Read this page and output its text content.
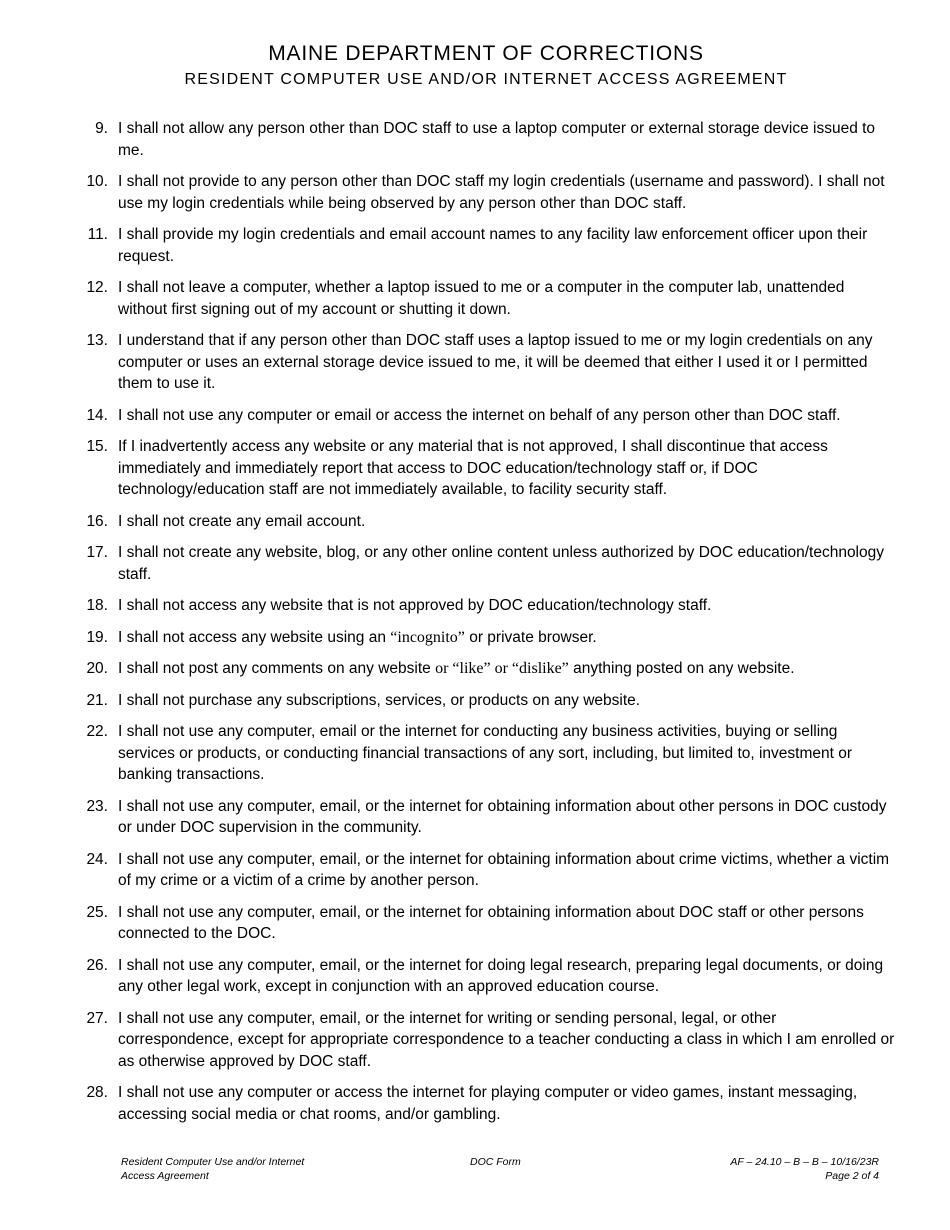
MAINE DEPARTMENT OF CORRECTIONS
RESIDENT COMPUTER USE AND/OR INTERNET ACCESS AGREEMENT
9. I shall not allow any person other than DOC staff to use a laptop computer or external storage device issued to me.
10. I shall not provide to any person other than DOC staff my login credentials (username and password). I shall not use my login credentials while being observed by any person other than DOC staff.
11. I shall provide my login credentials and email account names to any facility law enforcement officer upon their request.
12. I shall not leave a computer, whether a laptop issued to me or a computer in the computer lab, unattended without first signing out of my account or shutting it down.
13. I understand that if any person other than DOC staff uses a laptop issued to me or my login credentials on any computer or uses an external storage device issued to me, it will be deemed that either I used it or I permitted them to use it.
14. I shall not use any computer or email or access the internet on behalf of any person other than DOC staff.
15. If I inadvertently access any website or any material that is not approved, I shall discontinue that access immediately and immediately report that access to DOC education/technology staff or, if DOC technology/education staff are not immediately available, to facility security staff.
16. I shall not create any email account.
17. I shall not create any website, blog, or any other online content unless authorized by DOC education/technology staff.
18. I shall not access any website that is not approved by DOC education/technology staff.
19. I shall not access any website using an “incognito” or private browser.
20. I shall not post any comments on any website or “like” or “dislike” anything posted on any website.
21. I shall not purchase any subscriptions, services, or products on any website.
22. I shall not use any computer, email or the internet for conducting any business activities, buying or selling services or products, or conducting financial transactions of any sort, including, but limited to, investment or banking transactions.
23. I shall not use any computer, email, or the internet for obtaining information about other persons in DOC custody or under DOC supervision in the community.
24. I shall not use any computer, email, or the internet for obtaining information about crime victims, whether a victim of my crime or a victim of a crime by another person.
25. I shall not use any computer, email, or the internet for obtaining information about DOC staff or other persons connected to the DOC.
26. I shall not use any computer, email, or the internet for doing legal research, preparing legal documents, or doing any other legal work, except in conjunction with an approved education course.
27. I shall not use any computer, email, or the internet for writing or sending personal, legal, or other correspondence, except for appropriate correspondence to a teacher conducting a class in which I am enrolled or as otherwise approved by DOC staff.
28. I shall not use any computer or access the internet for playing computer or video games, instant messaging, accessing social media or chat rooms, and/or gambling.
Resident Computer Use and/or Internet
Access Agreement
DOC Form	AF – 24.10 – B – B – 10/16/23R
Page 2 of 4
